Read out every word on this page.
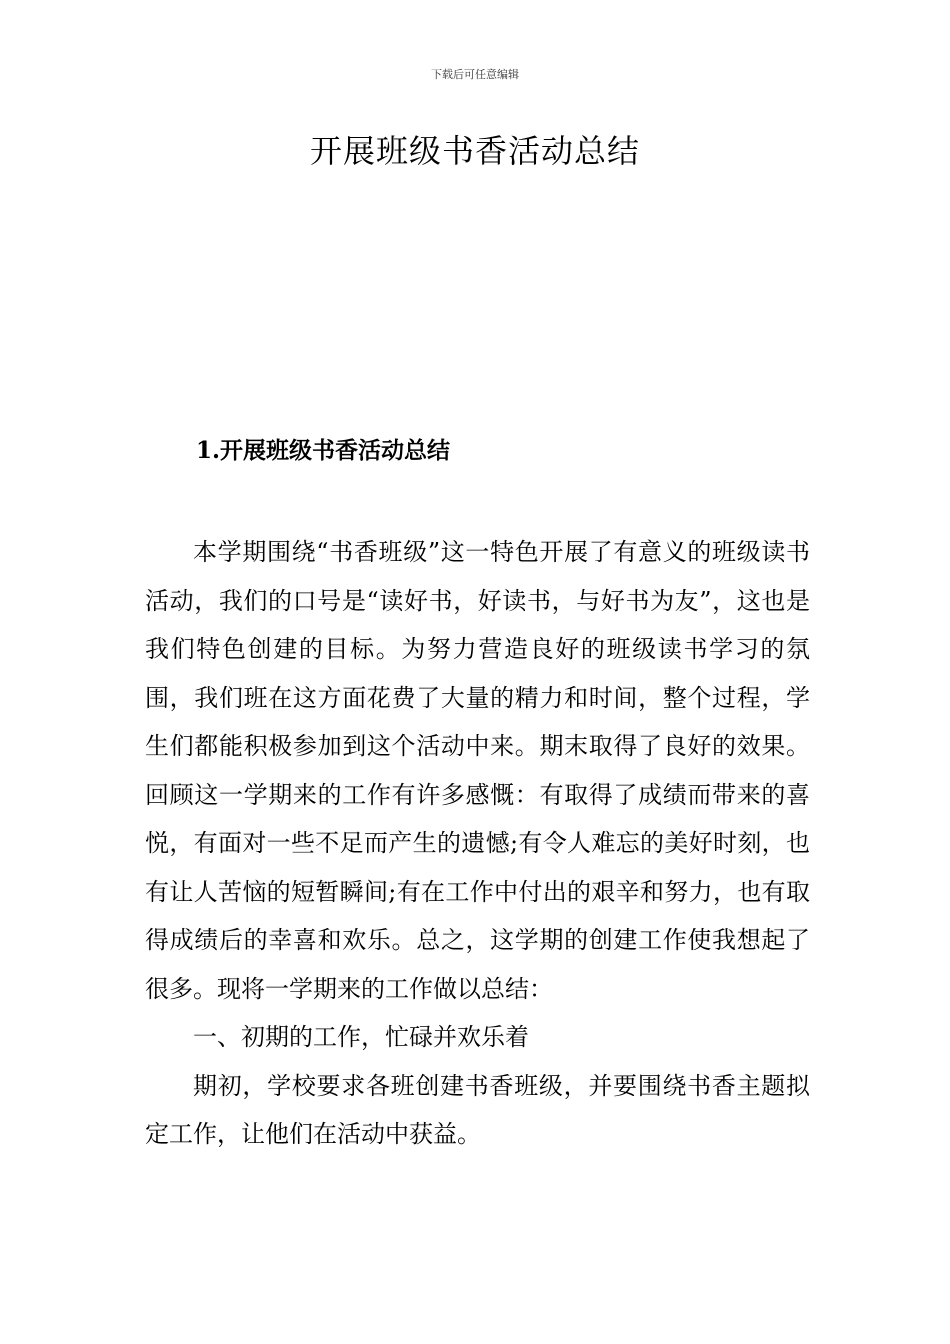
下载后可任意编辑
开展班级书香活动总结
1.开展班级书香活动总结

本学期围绕“书香班级”这一特色开展了有意义的班级读书活动，我们的口号是“读好书，好读书，与好书为友”，这也是我们特色创建的目标。为努力营造良好的班级读书学习的氛围，我们班在这方面花费了大量的精力和时间，整个过程，学生们都能积极参加到这个活动中来。期末取得了良好的效果。回顾这一学期来的工作有许多感慨：有取得了成绩而带来的喜悦，有面对一些不足而产生的遗憾;有令人难忘的美好时刻，也有让人苦恼的短暂瞬间;有在工作中付出的艰辛和努力，也有取得成绩后的幸喜和欢乐。总之，这学期的创建工作使我想起了很多。现将一学期来的工作做以总结：

一、初期的工作，忙碌并欢乐着

期初，学校要求各班创建书香班级，并要围绕书香主题拟定工作，让他们在活动中获益。
